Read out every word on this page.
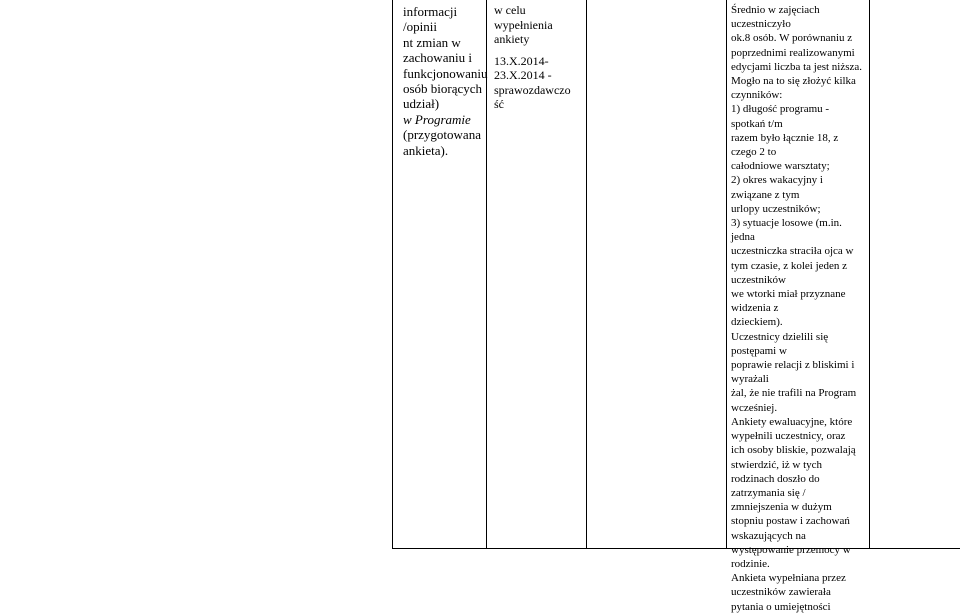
informacji
/opinii
nt zmian w
zachowaniu i
funkcjonowaniu
osób biorących
udział)
w Programie
(przygotowana
ankieta).
w celu
wypełnienia
ankiety
13.X.2014-
23.X.2014 -
sprawozdawczo
ść
Średnio w zajęciach
uczestniczyło
ok.8 osób. W porównaniu z
poprzednimi realizowanymi
edycjami liczba ta jest niższa.
Mogło na to się złożyć kilka
czynników:
1) długość programu -
spotkań t/m
razem było łącznie 18, z
czego 2 to
całodniowe warsztaty;
2) okres wakacyjny i
związane z tym
urlopy uczestników;
3) sytuacje losowe (m.in.
jedna
uczestniczka straciła ojca w
tym czasie, z kolei jeden z
uczestników
we wtorki miał przyznane
widzenia z
dzieckiem).
Uczestnicy dzielili się
postępami w
poprawie relacji z bliskimi i
wyrażali
żal, że nie trafili na Program
wcześniej.
Ankiety ewaluacyjne, które
wypełnili uczestnicy, oraz
ich osoby bliskie, pozwalają
stwierdzić, iż w tych
rodzinach doszło do
zatrzymania się /
zmniejszenia w dużym
stopniu postaw i zachowań
wskazujących na
występowanie przemocy w
rodzinie.
Ankieta wypełniana przez
uczestników zawierała
pytania o umiejętności
